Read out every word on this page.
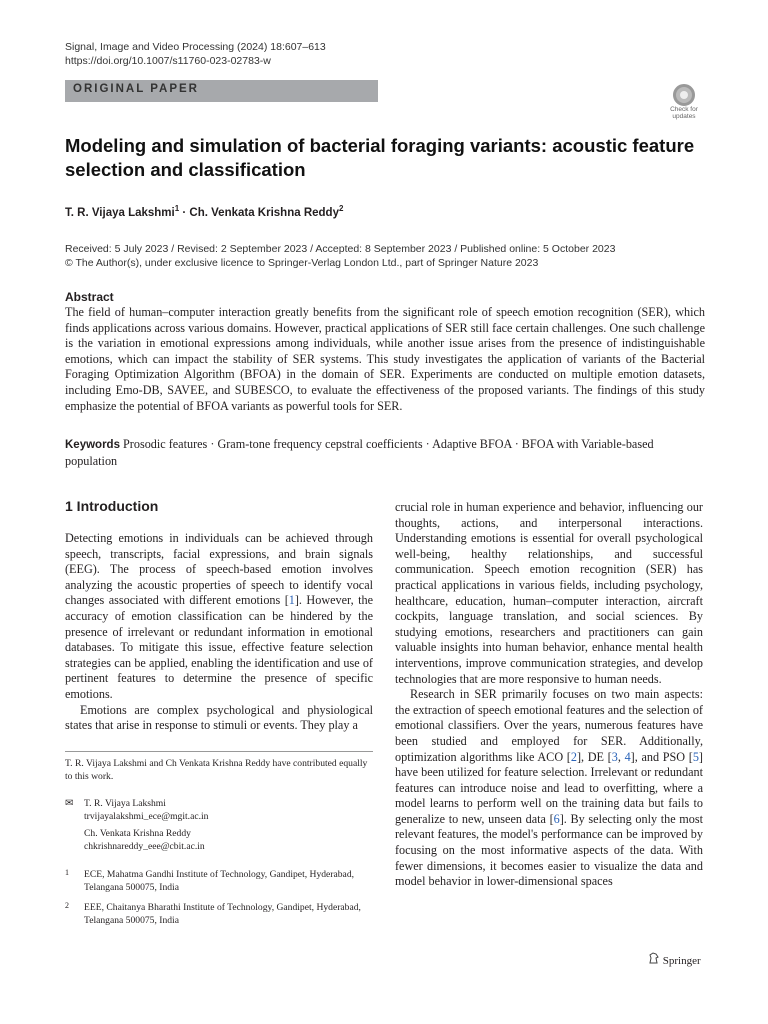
Signal, Image and Video Processing (2024) 18:607–613
https://doi.org/10.1007/s11760-023-02783-w
ORIGINAL PAPER
Check for
updates
Modeling and simulation of bacterial foraging variants: acoustic feature selection and classification
T. R. Vijaya Lakshmi$^1$ · Ch. Venkata Krishna Reddy$^2$
Received: 5 July 2023 / Revised: 2 September 2023 / Accepted: 8 September 2023 / Published online: 5 October 2023
© The Author(s), under exclusive licence to Springer-Verlag London Ltd., part of Springer Nature 2023
Abstract
The field of human–computer interaction greatly benefits from the significant role of speech emotion recognition (SER), which finds applications across various domains. However, practical applications of SER still face certain challenges. One such challenge is the variation in emotional expressions among individuals, while another issue arises from the presence of indistinguishable emotions, which can impact the stability of SER systems. This study investigates the application of variants of the Bacterial Foraging Optimization Algorithm (BFOA) in the domain of SER. Experiments are conducted on multiple emotion datasets, including Emo-DB, SAVEE, and SUBESCO, to evaluate the effectiveness of the proposed variants. The findings of this study emphasize the potential of BFOA variants as powerful tools for SER.
Keywords Prosodic features · Gram-tone frequency cepstral coefficients · Adaptive BFOA · BFOA with Variable-based population
1 Introduction

Detecting emotions in individuals can be achieved through speech, transcripts, facial expressions, and brain signals (EEG). The process of speech-based emotion involves analyzing the acoustic properties of speech to identify vocal changes associated with different emotions [1]. However, the accuracy of emotion classification can be hindered by the presence of irrelevant or redundant information in emotional databases. To mitigate this issue, effective feature selection strategies can be applied, enabling the identification and use of pertinent features to determine the presence of specific emotions.

Emotions are complex psychological and physiological states that arise in response to stimuli or events. They play a

crucial role in human experience and behavior, influencing our thoughts, actions, and interpersonal interactions. Understanding emotions is essential for overall psychological well-being, healthy relationships, and successful communication. Speech emotion recognition (SER) has practical applications in various fields, including psychology, healthcare, education, human–computer interaction, aircraft cockpits, language translation, and social sciences. By studying emotions, researchers and practitioners can gain valuable insights into human behavior, enhance mental health interventions, improve communication strategies, and develop technologies that are more responsive to human needs.

Research in SER primarily focuses on two main aspects: the extraction of speech emotional features and the selection of emotional classifiers. Over the years, numerous features have been studied and employed for SER. Additionally, optimization algorithms like ACO [2], DE [3, 4], and PSO [5] have been utilized for feature selection. Irrelevant or redundant features can introduce noise and lead to overfitting, where a model learns to perform well on the training data but fails to generalize to new, unseen data [6]. By selecting only the most relevant features, the model's performance can be improved by focusing on the most informative aspects of the data. With fewer dimensions, it becomes easier to visualize the data and model behavior in lower-dimensional spaces

T. R. Vijaya Lakshmi and Ch Venkata Krishna Reddy have contributed equally to this work.
✉ T. R. Vijaya Lakshmi
trvijayalakshmi_ece@mgit.ac.in
Ch. Venkata Krishna Reddy
chkrishnareddy_eee@cbit.ac.in
1 ECE, Mahatma Gandhi Institute of Technology, Gandipet, Hyderabad, Telangana 500075, India
2 EEE, Chaitanya Bharathi Institute of Technology, Gandipet, Hyderabad, Telangana 500075, India
Springer
